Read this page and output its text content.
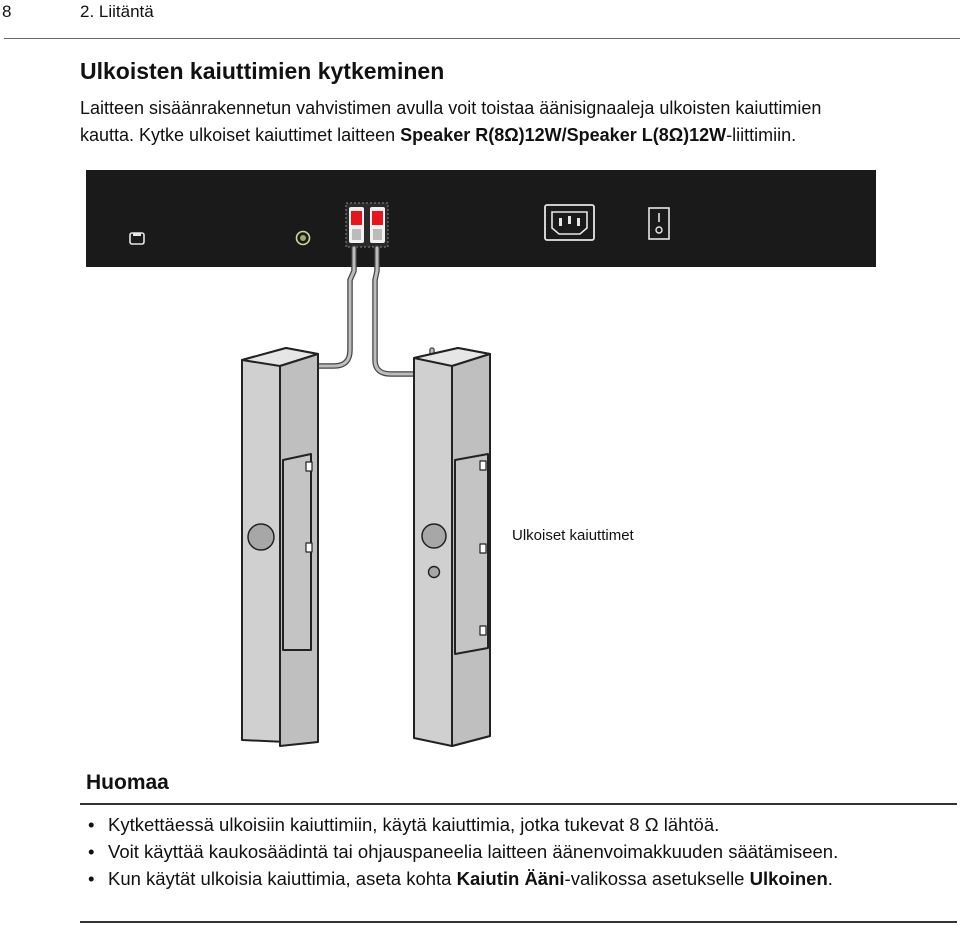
8	2. Liitäntä
Ulkoisten kaiuttimien kytkeminen
Laitteen sisäänrakennetun vahvistimen avulla voit toistaa äänisignaaleja ulkoisten kaiuttimien
kautta. Kytke ulkoiset kaiuttimet laitteen Speaker R(8Ω)12W/Speaker L(8Ω)12W-liittimiin.
Ulkoiset kaiuttimet
Huomaa
• Kytkettäessä ulkoisiin kaiuttimiin, käytä kaiuttimia, jotka tukevat 8 Ω lähtöä.
• Voit käyttää kaukosäädintä tai ohjauspaneelia laitteen äänenvoimakkuuden säätämiseen.
• Kun käytät ulkoisia kaiuttimia, aseta kohta Kaiutin Ääni-valikossa asetukselle Ulkoinen.
